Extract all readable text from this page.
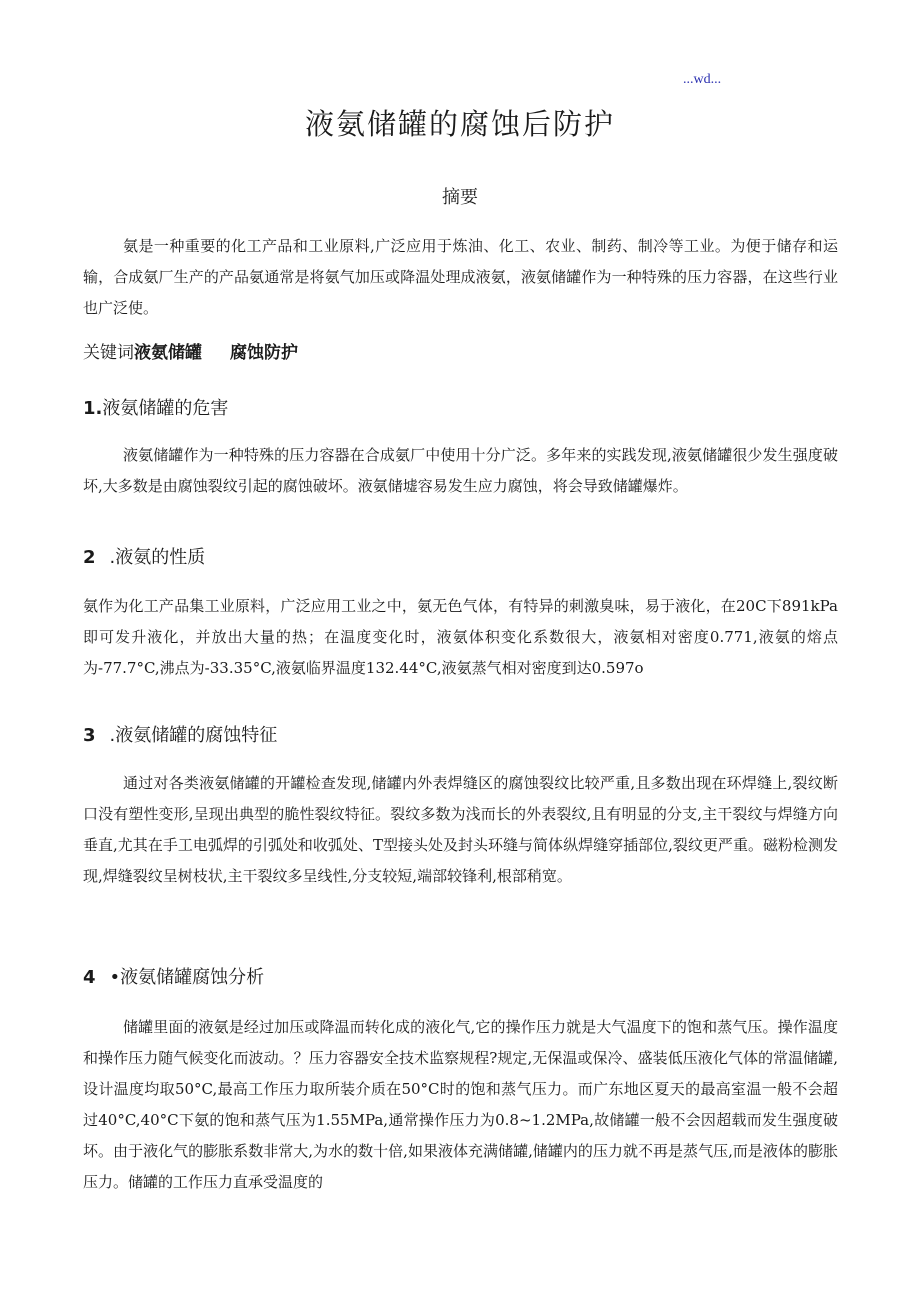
...wd...
液氨储罐的腐蚀后防护
摘要

氨是一种重要的化工产品和工业原料,广泛应用于炼油、化工、农业、制药、制冷等工业。为便于储存和运输，合成氨厂生产的产品氨通常是将氨气加压或降温处理成液氨，液氨储罐作为一种特殊的压力容器，在这些行业也广泛使。

关键词液氨储罐 腐蚀防护
1.液氨储罐的危害

液氨储罐作为一种特殊的压力容器在合成氨厂中使用十分广泛。多年来的实践发现,液氨储罐很少发生强度破坏,大多数是由腐蚀裂纹引起的腐蚀破坏。液氨储墟容易发生应力腐蚀，将会导致储罐爆炸。

2 .液氨的性质

氨作为化工产品集工业原料，广泛应用工业之中，氨无色气体，有特异的刺激臭味，易于液化，在20C下891kPa即可发升液化，并放出大量的热；在温度变化时，液氨体积变化系数很大，液氨相对密度0.771,液氨的熔点为-77.7°C,沸点为-33.35°C,液氨临界温度132.44°C,液氨蒸气相对密度到达0.597o

3 .液氨储罐的腐蚀特征

通过对各类液氨储罐的开罐检查发现,储罐内外表焊缝区的腐蚀裂纹比较严重,且多数出现在环焊缝上,裂纹断口没有塑性变形,呈现出典型的脆性裂纹特征。裂纹多数为浅而长的外表裂纹,且有明显的分支,主干裂纹与焊缝方向垂直,尤其在手工电弧焊的引弧处和收弧处、T型接头处及封头环缝与简体纵焊缝穿插部位,裂纹更严重。磁粉检测发现,焊缝裂纹呈树枝状,主干裂纹多呈线性,分支较短,端部较锋利,根部稍宽。

4 •液氨储罐腐蚀分析

储罐里面的液氨是经过加压或降温而转化成的液化气,它的操作压力就是大气温度下的饱和蒸气压。操作温度和操作压力随气候变化而波动。？压力容器安全技术监察规程?规定,无保温或保冷、盛装低压液化气体的常温储罐,设计温度均取50°C,最高工作压力取所装介质在50°C时的饱和蒸气压力。而广东地区夏天的最高室温一般不会超过40°C,40°C下氨的饱和蒸气压为1.55MPa,通常操作压力为0.8~1.2MPa,故储罐一般不会因超载而发生强度破坏。由于液化气的膨胀系数非常大,为水的数十倍,如果液体充满储罐,储罐内的压力就不再是蒸气压,而是液体的膨胀压力。储罐的工作压力直承受温度的
